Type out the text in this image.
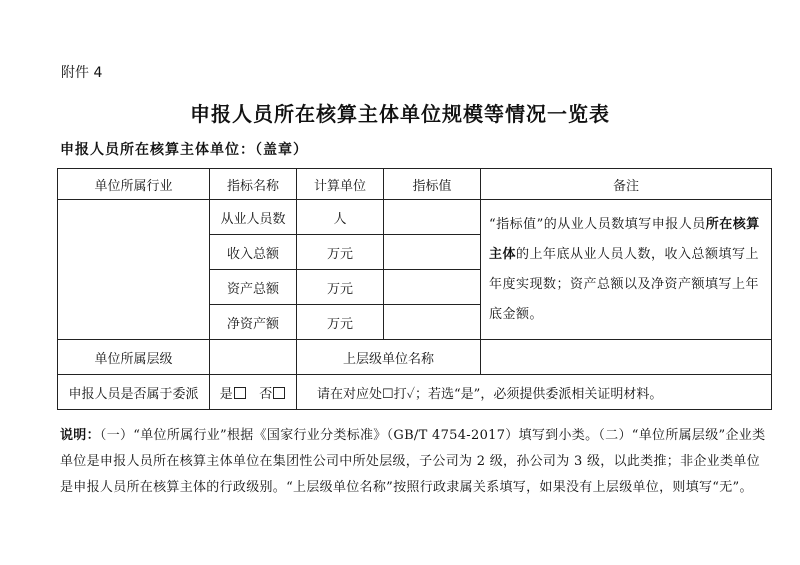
附件 4
申报人员所在核算主体单位规模等情况一览表
申报人员所在核算主体单位：（盖章）
单位所属行业	指标名称	计算单位	指标值	备注
	从业人员数	人		“指标值”的从业人员数填写申报人员所在核算主体的上年底从业人员人数，收入总额填写上年度实现数；资产总额以及净资产额填写上年底金额。
	收入总额	万元		
	资产总额	万元		
	净资产额	万元		
单位所属层级		上层级单位名称		
申报人员是否属于委派	是 否	请在对应处☐打✓；若选“是”，必须提供委派相关证明材料。		
说明：（一）“单位所属行业”根据《国家行业分类标准》（GB/T 4754-2017）填写到小类。（二）“单位所属层级”企业类单位是申报人员所在核算主体单位在集团性公司中所处层级，子公司为 2 级，孙公司为 3 级，以此类推；非企业类单位是申报人员所在核算主体的行政级别。“上层级单位名称”按照行政隶属关系填写，如果没有上层级单位，则填写“无”。
